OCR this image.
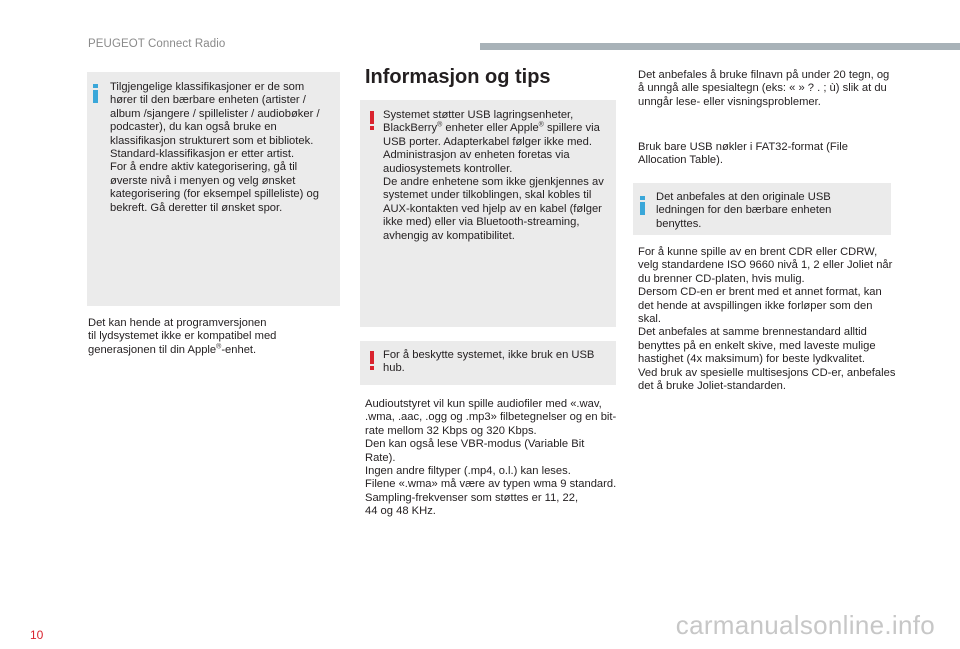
PEUGEOT Connect Radio
Tilgjengelige klassifikasjoner er de som hører til den bærbare enheten (artister / album /sjangere / spillelister / audiobøker / podcaster), du kan også bruke en klassifikasjon strukturert som et bibliotek.
Standard-klassifikasjon er etter artist.
For å endre aktiv kategorisering, gå til øverste nivå i menyen og velg ønsket kategorisering (for eksempel spilleliste) og bekreft. Gå deretter til ønsket spor.
Det kan hende at programversjonen
til lydsystemet ikke er kompatibel med
generasjonen til din Apple®-enhet.
Informasjon og tips
Systemet støtter USB lagringsenheter, BlackBerry® enheter eller Apple® spillere via USB porter. Adapterkabel følger ikke med.
Administrasjon av enheten foretas via audiosystemets kontroller.
De andre enhetene som ikke gjenkjennes av systemet under tilkoblingen, skal kobles til AUX-kontakten ved hjelp av en kabel (følger ikke med) eller via Bluetooth-streaming, avhengig av kompatibilitet.
For å beskytte systemet, ikke bruk en USB hub.
Audioutstyret vil kun spille audiofiler med «.wav, .wma, .aac, .ogg og .mp3» filbetegnelser og en bit-rate mellom 32 Kbps og 320 Kbps.
Den kan også lese VBR-modus (Variable Bit Rate).
Ingen andre filtyper (.mp4, o.l.) kan leses.
Filene «.wma» må være av typen wma 9 standard.
Sampling-frekvenser som støttes er 11, 22,
44 og 48 KHz.
Det anbefales å bruke filnavn på under 20 tegn, og å unngå alle spesialtegn (eks: « » ? . ; ù) slik at du unngår lese- eller visningsproblemer.
Bruk bare USB nøkler i FAT32-format (File Allocation Table).
Det anbefales at den originale USB ledningen for den bærbare enheten benyttes.
For å kunne spille av en brent CDR eller CDRW, velg standardene ISO 9660 nivå 1, 2 eller Joliet når du brenner CD-platen, hvis mulig.
Dersom CD-en er brent med et annet format, kan det hende at avspillingen ikke forløper som den skal.
Det anbefales at samme brennestandard alltid benyttes på en enkelt skive, med laveste mulige hastighet (4x maksimum) for beste lydkvalitet.
Ved bruk av spesielle multisesjons CD-er, anbefales det å bruke Joliet-standarden.
10	carmanualsonline.info
